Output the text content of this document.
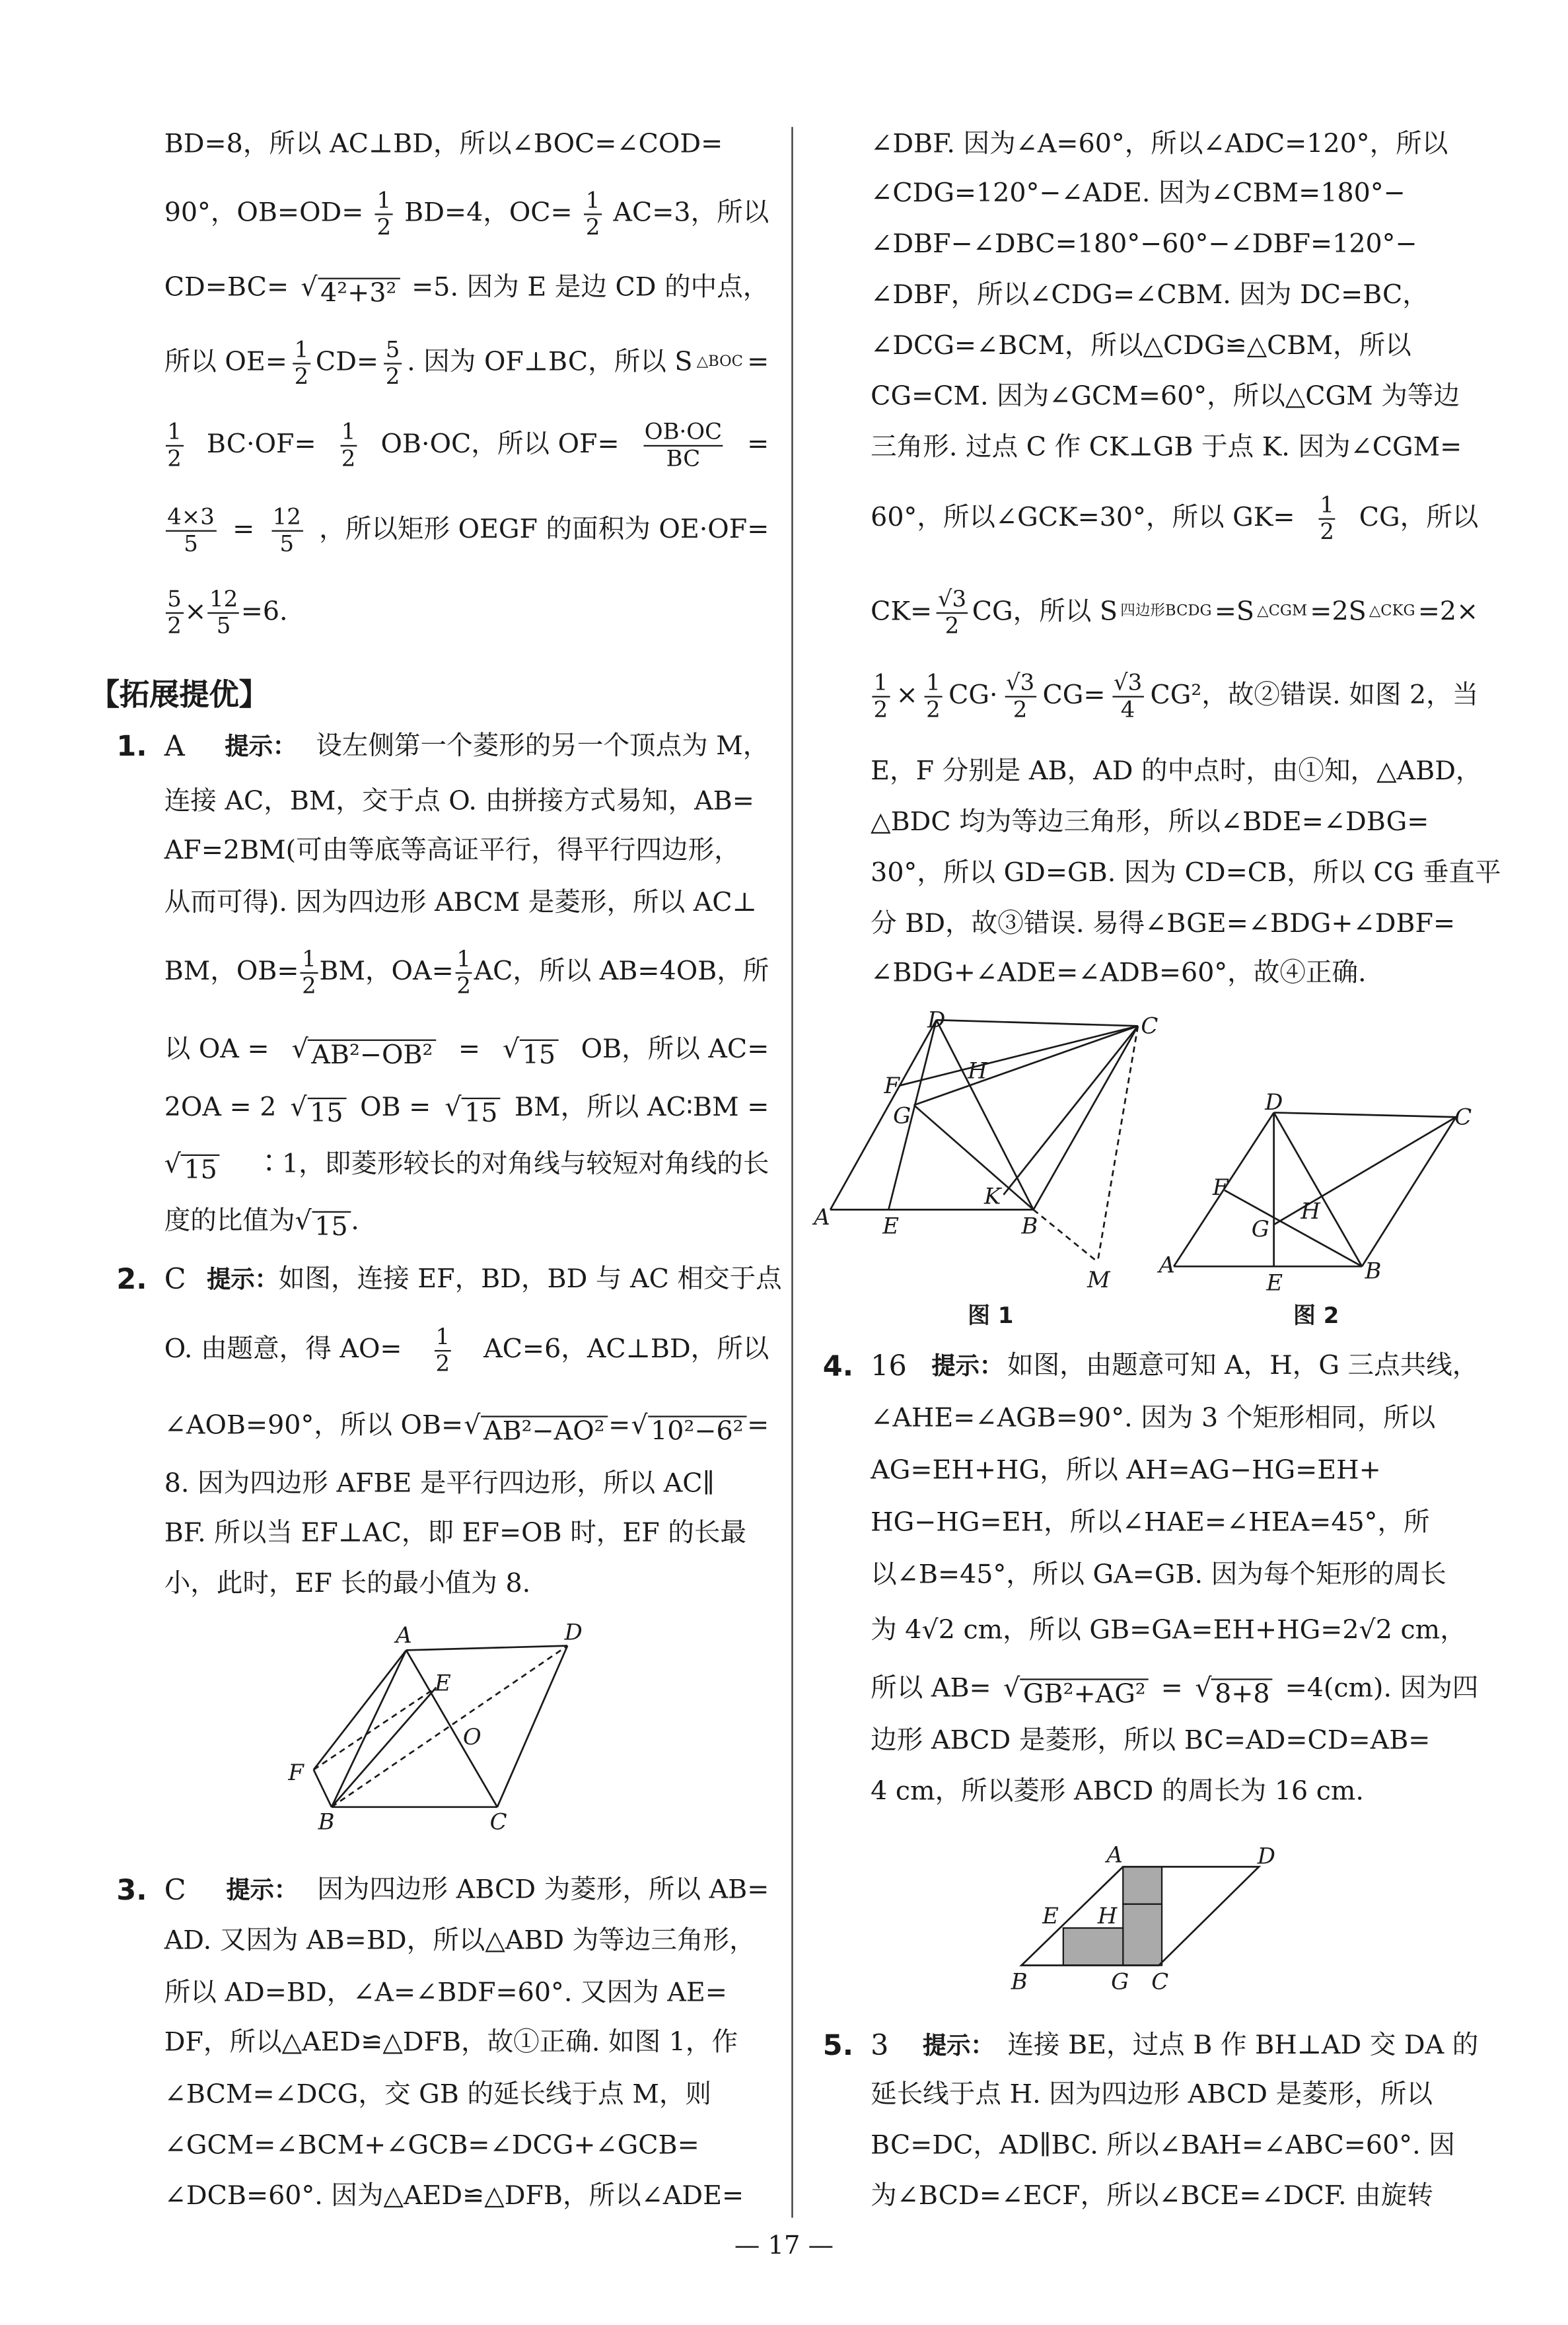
【拓展提优】
BD=8，所以 AC⊥BD，所以∠BOC=∠COD=
90°，$OB=OD= \frac{1}{2} BD=4$，$OC= \frac{1}{2} AC=3$，所以
CD=BC= √ 4²+3² =5. 因为 E 是边 CD 的中点，
所以 $OE= \frac{1}{2} CD= \frac{5}{2}$ . 因为 OF⊥BC，所以 S △BOC =
$\frac{1}{2} BC\cdot OF= \frac{1}{2} OB\cdot OC$，所以 $OF= \frac{OB\cdot OC}{BC}$ =
$\frac{4\times 3}{5} = \frac{12}{5}$ ，所以矩形 OEGF 的面积为 OE·OF=
$\frac{5}{2} \times \frac{12}{5} =6$.
1. A	提示： 设左侧第一个菱形的另一个顶点为 M，
连接 AC，BM，交于点 O. 由拼接方式易知，AB=
AF=2BM(可由等底等高证平行，得平行四边形，
从而可得). 因为四边形 ABCM 是菱形，所以 AC⊥
BM，$OB= \frac{1}{2}$ BM，$OA= \frac{1}{2}$ AC，所以 AB=4OB，所
以 OA = √ AB²−OB² = √ 15 OB，所以 AC=
2OA = 2 √ 15 OB = √ 15 BM，所以 AC∶BM =
√ 15	∶1，即菱形较长的对角线与较短对角线的长
度的比值为 √ 15 .
2. C 提示： 如图，连接 EF，BD，BD 与 AC 相交于点
O. 由题意，得 AO=	$\frac{1}{2}$	AC=6，AC⊥BD，所以
∠AOB=90°，所以 OB= √ AB²−AO² = √ 10²−6² =
8. 因为四边形 AFBE 是平行四边形，所以 AC∥
BF. 所以当 EF⊥AC，即 EF=OB 时，EF 的长最
小，此时，EF 长的最小值为 8.
3. C	提示： 因为四边形 ABCD 为菱形，所以 AB=
AD. 又因为 AB=BD，所以△ABD 为等边三角形，
所以 AD=BD，∠A=∠BDF=60°. 又因为 AE=
DF，所以△AED≌△DFB，故①正确. 如图 1，作
∠BCM=∠DCG，交 GB 的延长线于点 M，则
∠GCM=∠BCM+∠GCB=∠DCG+∠GCB=
∠DCB=60°. 因为△AED≌△DFB，所以∠ADE=
∠DBF. 因为∠A=60°，所以∠ADC=120°，所以
∠CDG=120°−∠ADE. 因为∠CBM=180°−
∠DBF−∠DBC=180°−60°−∠DBF=120°−
∠DBF，所以∠CDG=∠CBM. 因为 DC=BC，
∠DCG=∠BCM，所以△CDG≌△CBM，所以
CG=CM. 因为∠GCM=60°，所以△CGM 为等边
三角形. 过点 C 作 CK⊥GB 于点 K. 因为∠CGM=
60°，所以∠GCK=30°，所以 $GK= \frac{1}{2}$ CG，所以
$CK= \frac{√3}{2}$ CG，所以 S 四边形BCDG =S △CGM =2S △CKG =2×
$\frac{1}{2} \times \frac{1}{2} CG\cdot \frac{√3}{2} CG= \frac{√3}{4} CG^2$，故②错误. 如图 2，当
E，F 分别是 AB，AD 的中点时，由①知，△ABD，
△BDC 均为等边三角形，所以∠BDE=∠DBG=
30°，所以 GD=GB. 因为 CD=CB，所以 CG 垂直平
分 BD，故③错误. 易得∠BGE=∠BDG+∠DBF=
∠BDG+∠ADE=∠ADB=60°，故④正确.
4. 16 提示： 如图，由题意可知 A，H，G 三点共线，
∠AHE=∠AGB=90°. 因为 3 个矩形相同，所以
AG=EH+HG，所以 AH=AG−HG=EH+
HG−HG=EH，所以∠HAE=∠HEA=45°，所
以∠B=45°，所以 GA=GB. 因为每个矩形的周长
为 4√2 cm，所以 GB=GA=EH+HG=2√2 cm，
所以 AB= √ GB²+AG² = √ 8+8 =4(cm). 因为四
边形 ABCD 是菱形，所以 BC=AD=CD=AB=
4 cm，所以菱形 ABCD 的周长为 16 cm.
5. 3	提示： 连接 BE，过点 B 作 BH⊥AD 交 DA 的
延长线于点 H. 因为四边形 ABCD 是菱形，所以
BC=DC，AD∥BC. 所以∠BAH=∠ABC=60°. 因
为∠BCD=∠ECF，所以∠BCE=∠DCF. 由旋转
A	D
E
O
F
B	C
D	C
H
F
G
A	E
K
B
M
图 1
D
C
F
H
G
A
E	B
图 2
A	D
E	H
B	G C
— 17 —
